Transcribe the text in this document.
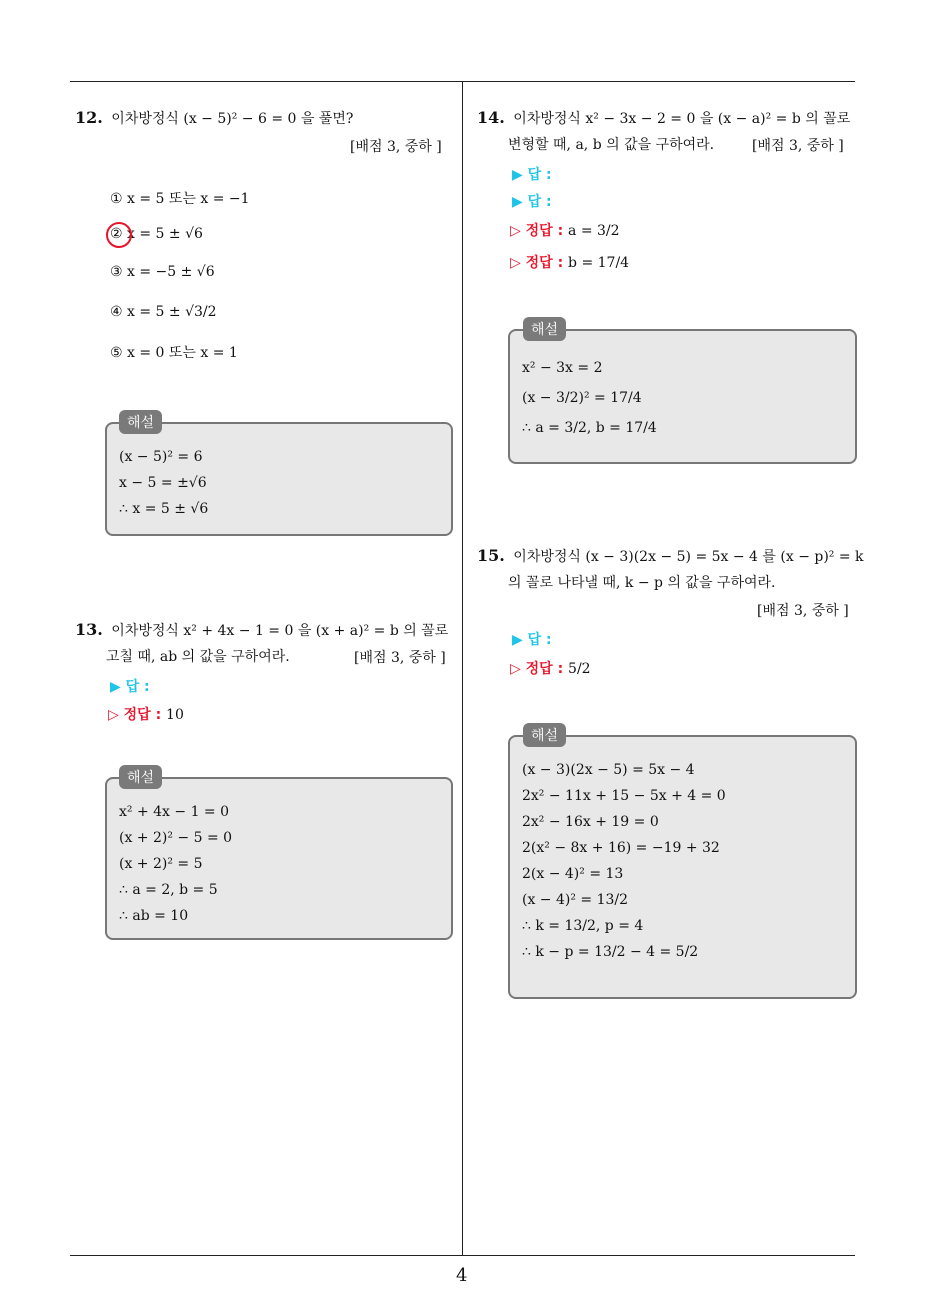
4
12. 이차방정식 (x − 5)² − 6 = 0 을 풀면?
[배점 3, 중하 ]
① x = 5 또는 x = −1
② x = 5 ± √6
③ x = −5 ± √6
④ x = 5 ± √3/2
⑤ x = 0 또는 x = 1
(x − 5)² = 6
x − 5 = ±√6
∴ x = 5 ± √6
해설
13. 이차방정식 x² + 4x − 1 = 0 을 (x + a)² = b 의 꼴로
고칠 때, ab 의 값을 구하여라.	[배점 3, 중하 ]
▶ 답 :
▷ 정답 : 10
x² + 4x − 1 = 0
(x + 2)² − 5 = 0
(x + 2)² = 5
∴ a = 2, b = 5
∴ ab = 10
해설
14. 이차방정식 x² − 3x − 2 = 0 을 (x − a)² = b 의 꼴로
변형할 때, a, b 의 값을 구하여라.	[배점 3, 중하 ]
▶ 답 :
▶ 답 :
▷ 정답 : a = 3/2
▷ 정답 : b = 17/4
x² − 3x = 2
(x − 3/2)² = 17/4
∴ a = 3/2, b = 17/4
해설
15. 이차방정식 (x − 3)(2x − 5) = 5x − 4 를 (x − p)² = k
의 꼴로 나타낼 때, k − p 의 값을 구하여라.
[배점 3, 중하 ]
▶ 답 :
▷ 정답 : 5/2
(x − 3)(2x − 5) = 5x − 4
2x² − 11x + 15 − 5x + 4 = 0
2x² − 16x + 19 = 0
2(x² − 8x + 16) = −19 + 32
2(x − 4)² = 13
(x − 4)² = 13/2
∴ k = 13/2, p = 4
∴ k − p = 13/2 − 4 = 5/2
해설
